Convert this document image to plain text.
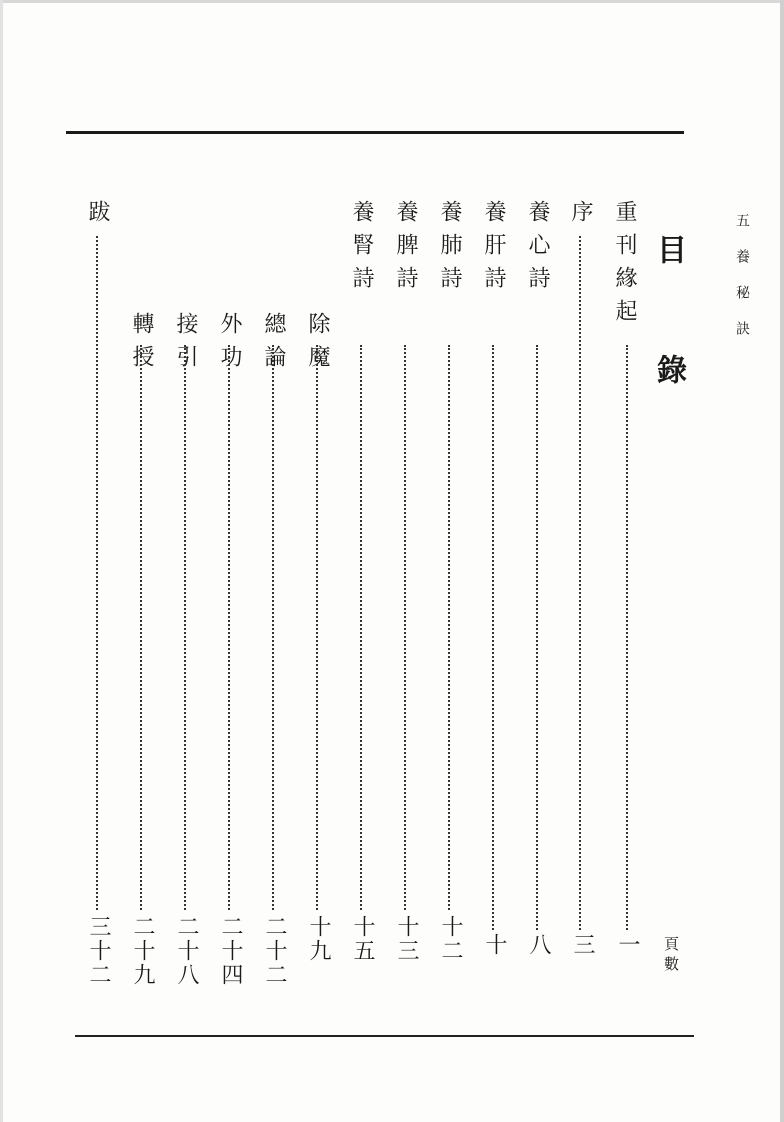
五養秘訣
目錄
重刊緣起
一
序
三
養心詩
八
養肝詩
十
養肺詩
十二
養脾詩
十三
養腎詩
十五
除魔
十九
總論
二十二
外功
二十四
接引
二十八
轉授
二十九
跋
三十二	頁數
